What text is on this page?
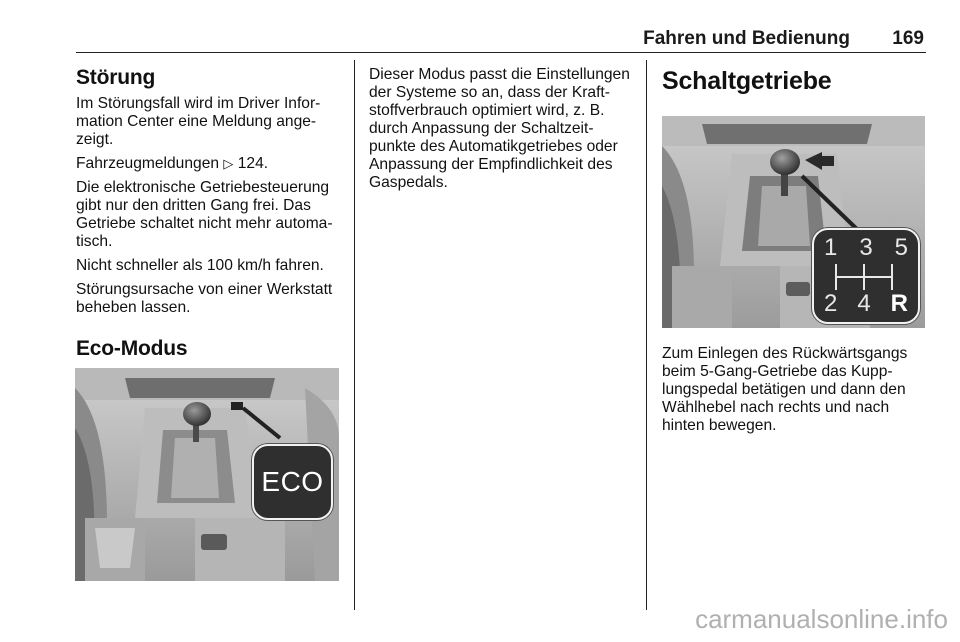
Fahren und Bedienung	169
Störung

Im Störungsfall wird im Driver Infor-mation Center eine Meldung ange-zeigt.

Fahrzeugmeldungen ▷ 124.

Die elektronische Getriebesteuerung gibt nur den dritten Gang frei. Das Getriebe schaltet nicht mehr automa-tisch.

Nicht schneller als 100 km/h fahren.

Störungsursache von einer Werkstatt beheben lassen.

Eco-Modus
ECO

Dieser Modus passt die Einstellungen der Systeme so an, dass der Kraft-stoffverbrauch optimiert wird, z. B. durch Anpassung der Schaltzeit-punkte des Automatikgetriebes oder Anpassung der Empfindlichkeit des Gaspedals.

Schaltgetriebe
1 3 5
2 4 R

Zum Einlegen des Rückwärtsgangs beim 5-Gang-Getriebe das Kupp-lungspedal betätigen und dann den Wählhebel nach rechts und nach hinten bewegen.

carmanualsonline.info
